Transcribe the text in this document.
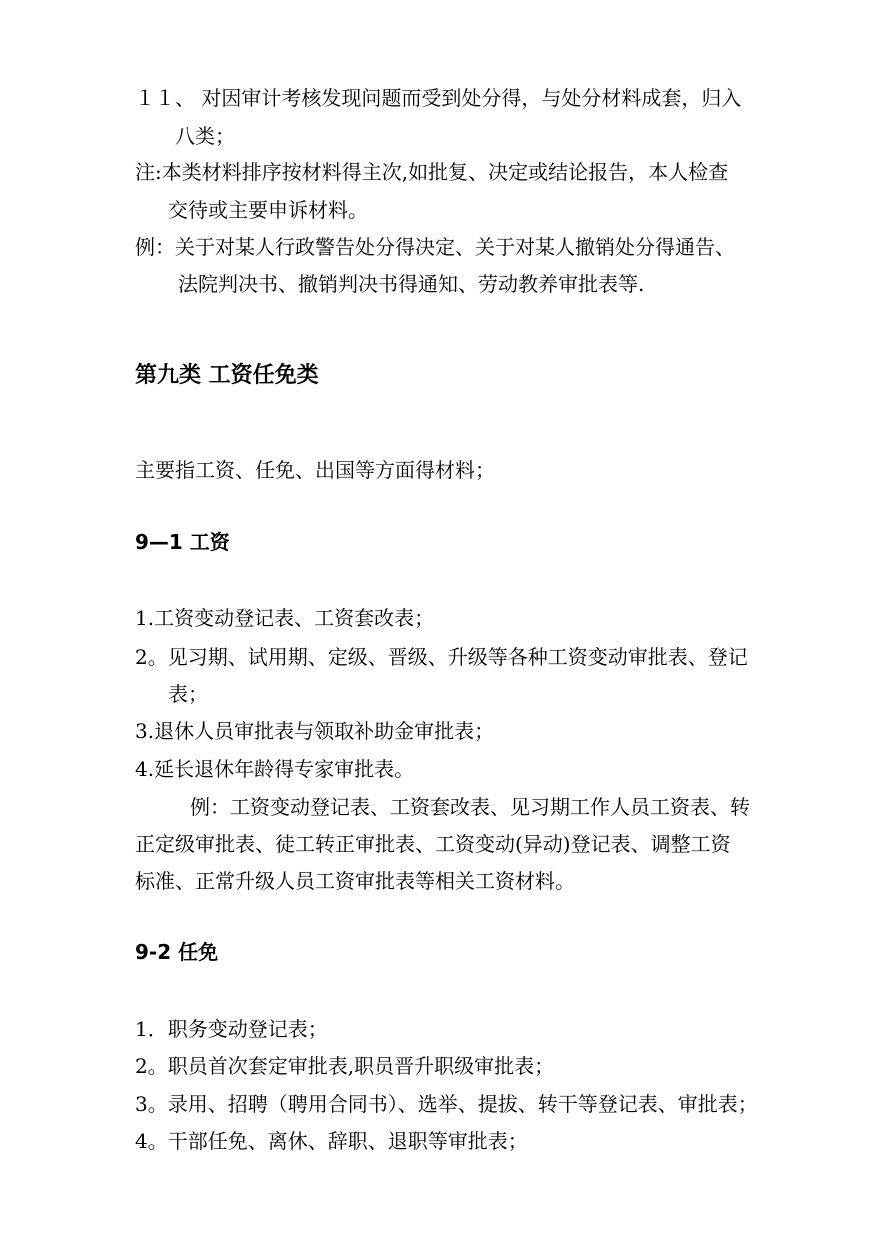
１１、 对因审计考核发现问题而受到处分得，与处分材料成套，归入
八类；
注:本类材料排序按材料得主次,如批复、决定或结论报告，本人检查
交待或主要申诉材料。
例：关于对某人行政警告处分得决定、关于对某人撤销处分得通告、
法院判决书、撤销判决书得通知、劳动教养审批表等.
第九类 工资任免类
主要指工资、任免、出国等方面得材料；
9—1 工资
1.工资变动登记表、工资套改表；
2。见习期、试用期、定级、晋级、升级等各种工资变动审批表、登记
表；
3.退休人员审批表与领取补助金审批表；
4.延长退休年龄得专家审批表。
例：工资变动登记表、工资套改表、见习期工作人员工资表、转
正定级审批表、徒工转正审批表、工资变动(异动)登记表、调整工资
标准、正常升级人员工资审批表等相关工资材料。
9-2 任免
1．职务变动登记表；
2。职员首次套定审批表,职员晋升职级审批表；
3。录用、招聘（聘用合同书）、选举、提拔、转干等登记表、审批表；
4。干部任免、离休、辞职、退职等审批表；
